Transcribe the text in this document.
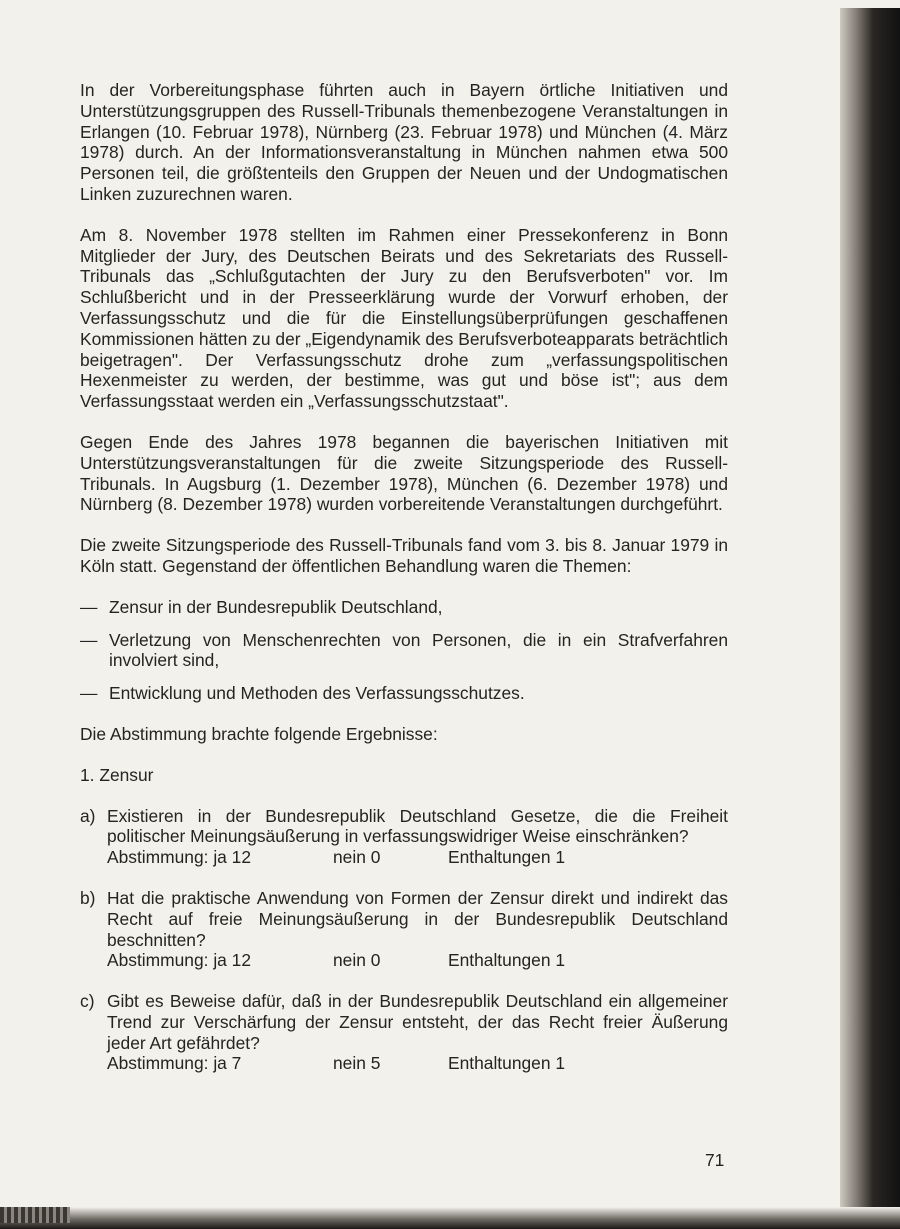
In der Vorbereitungsphase führten auch in Bayern örtliche Initiativen und Unterstützungsgruppen des Russell-Tribunals themenbezogene Veranstaltungen in Erlangen (10. Februar 1978), Nürnberg (23. Februar 1978) und München (4. März 1978) durch. An der Informationsveranstaltung in München nahmen etwa 500 Personen teil, die größtenteils den Gruppen der Neuen und der Undogmatischen Linken zuzurechnen waren.

Am 8. November 1978 stellten im Rahmen einer Pressekonferenz in Bonn Mitglieder der Jury, des Deutschen Beirats und des Sekretariats des Russell-Tribunals das „Schlußgutachten der Jury zu den Berufsverboten" vor. Im Schlußbericht und in der Presseerklärung wurde der Vorwurf erhoben, der Verfassungsschutz und die für die Einstellungsüberprüfungen geschaffenen Kommissionen hätten zu der „Eigendynamik des Berufsverboteapparats beträchtlich beigetragen". Der Verfassungsschutz drohe zum „verfassungspolitischen Hexenmeister zu werden, der bestimme, was gut und böse ist"; aus dem Verfassungsstaat werden ein „Verfassungsschutzstaat".

Gegen Ende des Jahres 1978 begannen die bayerischen Initiativen mit Unterstützungsveranstaltungen für die zweite Sitzungsperiode des Russell-Tribunals. In Augsburg (1. Dezember 1978), München (6. Dezember 1978) und Nürnberg (8. Dezember 1978) wurden vorbereitende Veranstaltungen durchgeführt.

Die zweite Sitzungsperiode des Russell-Tribunals fand vom 3. bis 8. Januar 1979 in Köln statt. Gegenstand der öffentlichen Behandlung waren die Themen:

— Zensur in der Bundesrepublik Deutschland,
— Verletzung von Menschenrechten von Personen, die in ein Strafverfahren involviert sind,
— Entwicklung und Methoden des Verfassungsschutzes.

Die Abstimmung brachte folgende Ergebnisse:

1. Zensur

a) Existieren in der Bundesrepublik Deutschland Gesetze, die die Freiheit politischer Meinungsäußerung in verfassungswidriger Weise einschränken?
Abstimmung: ja 12	nein 0	Enthaltungen 1
b) Hat die praktische Anwendung von Formen der Zensur direkt und indirekt das Recht auf freie Meinungsäußerung in der Bundesrepublik Deutschland beschnitten?
Abstimmung: ja 12	nein 0	Enthaltungen 1
c) Gibt es Beweise dafür, daß in der Bundesrepublik Deutschland ein allgemeiner Trend zur Verschärfung der Zensur entsteht, der das Recht freier Äußerung jeder Art gefährdet?
Abstimmung: ja 7	nein 5	Enthaltungen 1
71
